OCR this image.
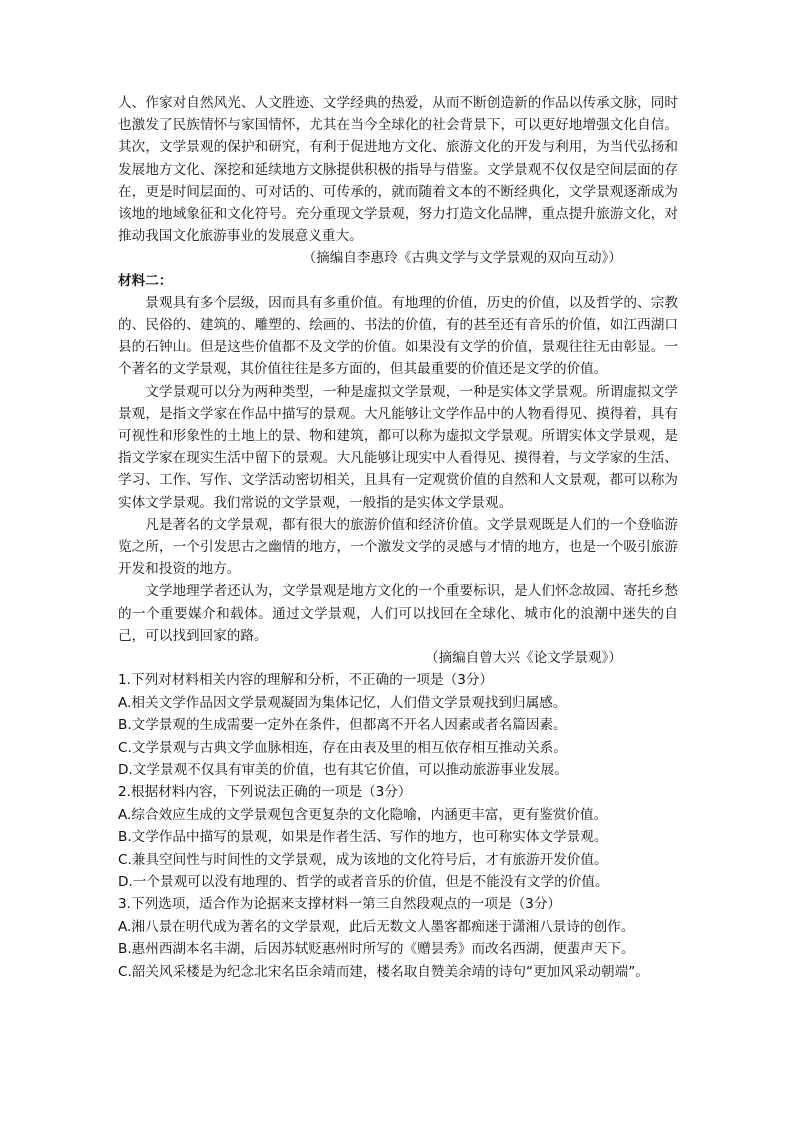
人、作家对自然风光、人文胜迹、文学经典的热爱，从而不断创造新的作品以传承文脉，同时也激发了民族情怀与家国情怀，尤其在当今全球化的社会背景下，可以更好地增强文化自信。其次，文学景观的保护和研究，有利于促进地方文化、旅游文化的开发与利用，为当代弘扬和发展地方文化、深挖和延续地方文脉提供积极的指导与借鉴。文学景观不仅仅是空间层面的存在，更是时间层面的、可对话的、可传承的，就而随着文本的不断经典化，文学景观逐渐成为该地的地域象征和文化符号。充分重现文学景观，努力打造文化品牌，重点提升旅游文化，对推动我国文化旅游事业的发展意义重大。

（摘编自李惠玲《古典文学与文学景观的双向互动》）

材料二：

景观具有多个层级，因而具有多重价值。有地理的价值，历史的价值，以及哲学的、宗教的、民俗的、建筑的、雕塑的、绘画的、书法的价值，有的甚至还有音乐的价值，如江西湖口县的石钟山。但是这些价值都不及文学的价值。如果没有文学的价值，景观往往无由彰显。一个著名的文学景观，其价值往往是多方面的，但其最重要的价值还是文学的价值。

文学景观可以分为两种类型，一种是虚拟文学景观，一种是实体文学景观。所谓虚拟文学景观，是指文学家在作品中描写的景观。大凡能够让文学作品中的人物看得见、摸得着，具有可视性和形象性的土地上的景、物和建筑，都可以称为虚拟文学景观。所谓实体文学景观，是指文学家在现实生活中留下的景观。大凡能够让现实中人看得见、摸得着，与文学家的生活、学习、工作、写作、文学活动密切相关，且具有一定观赏价值的自然和人文景观，都可以称为实体文学景观。我们常说的文学景观，一般指的是实体文学景观。

凡是著名的文学景观，都有很大的旅游价值和经济价值。文学景观既是人们的一个登临游览之所，一个引发思古之幽情的地方，一个激发文学的灵感与才情的地方，也是一个吸引旅游开发和投资的地方。

文学地理学者还认为，文学景观是地方文化的一个重要标识，是人们怀念故园、寄托乡愁的一个重要媒介和载体。通过文学景观，人们可以找回在全球化、城市化的浪潮中迷失的自己，可以找到回家的路。

（摘编自曾大兴《论文学景观》）

1.下列对材料相关内容的理解和分析，不正确的一项是（3分）

A.相关文学作品因文学景观凝固为集体记忆，人们借文学景观找到归属感。

B.文学景观的生成需要一定外在条件，但都离不开名人因素或者名篇因素。

C.文学景观与古典文学血脉相连，存在由表及里的相互依存相互推动关系。

D.文学景观不仅具有审美的价值，也有其它价值，可以推动旅游事业发展。

2.根据材料内容，下列说法正确的一项是（3分）

A.综合效应生成的文学景观包含更复杂的文化隐喻，内涵更丰富，更有鉴赏价值。

B.文学作品中描写的景观，如果是作者生活、写作的地方，也可称实体文学景观。

C.兼具空间性与时间性的文学景观，成为该地的文化符号后，才有旅游开发价值。

D.一个景观可以没有地理的、哲学的或者音乐的价值，但是不能没有文学的价值。

3.下列选项，适合作为论据来支撑材料一第三自然段观点的一项是（3分）

A.湘八景在明代成为著名的文学景观，此后无数文人墨客都痴迷于潇湘八景诗的创作。

B.惠州西湖本名丰湖，后因苏轼贬惠州时所写的《赠昙秀》而改名西湖，便蜚声天下。

C.韶关风采楼是为纪念北宋名臣余靖而建，楼名取自赞美余靖的诗句“更加风采动朝端”。
